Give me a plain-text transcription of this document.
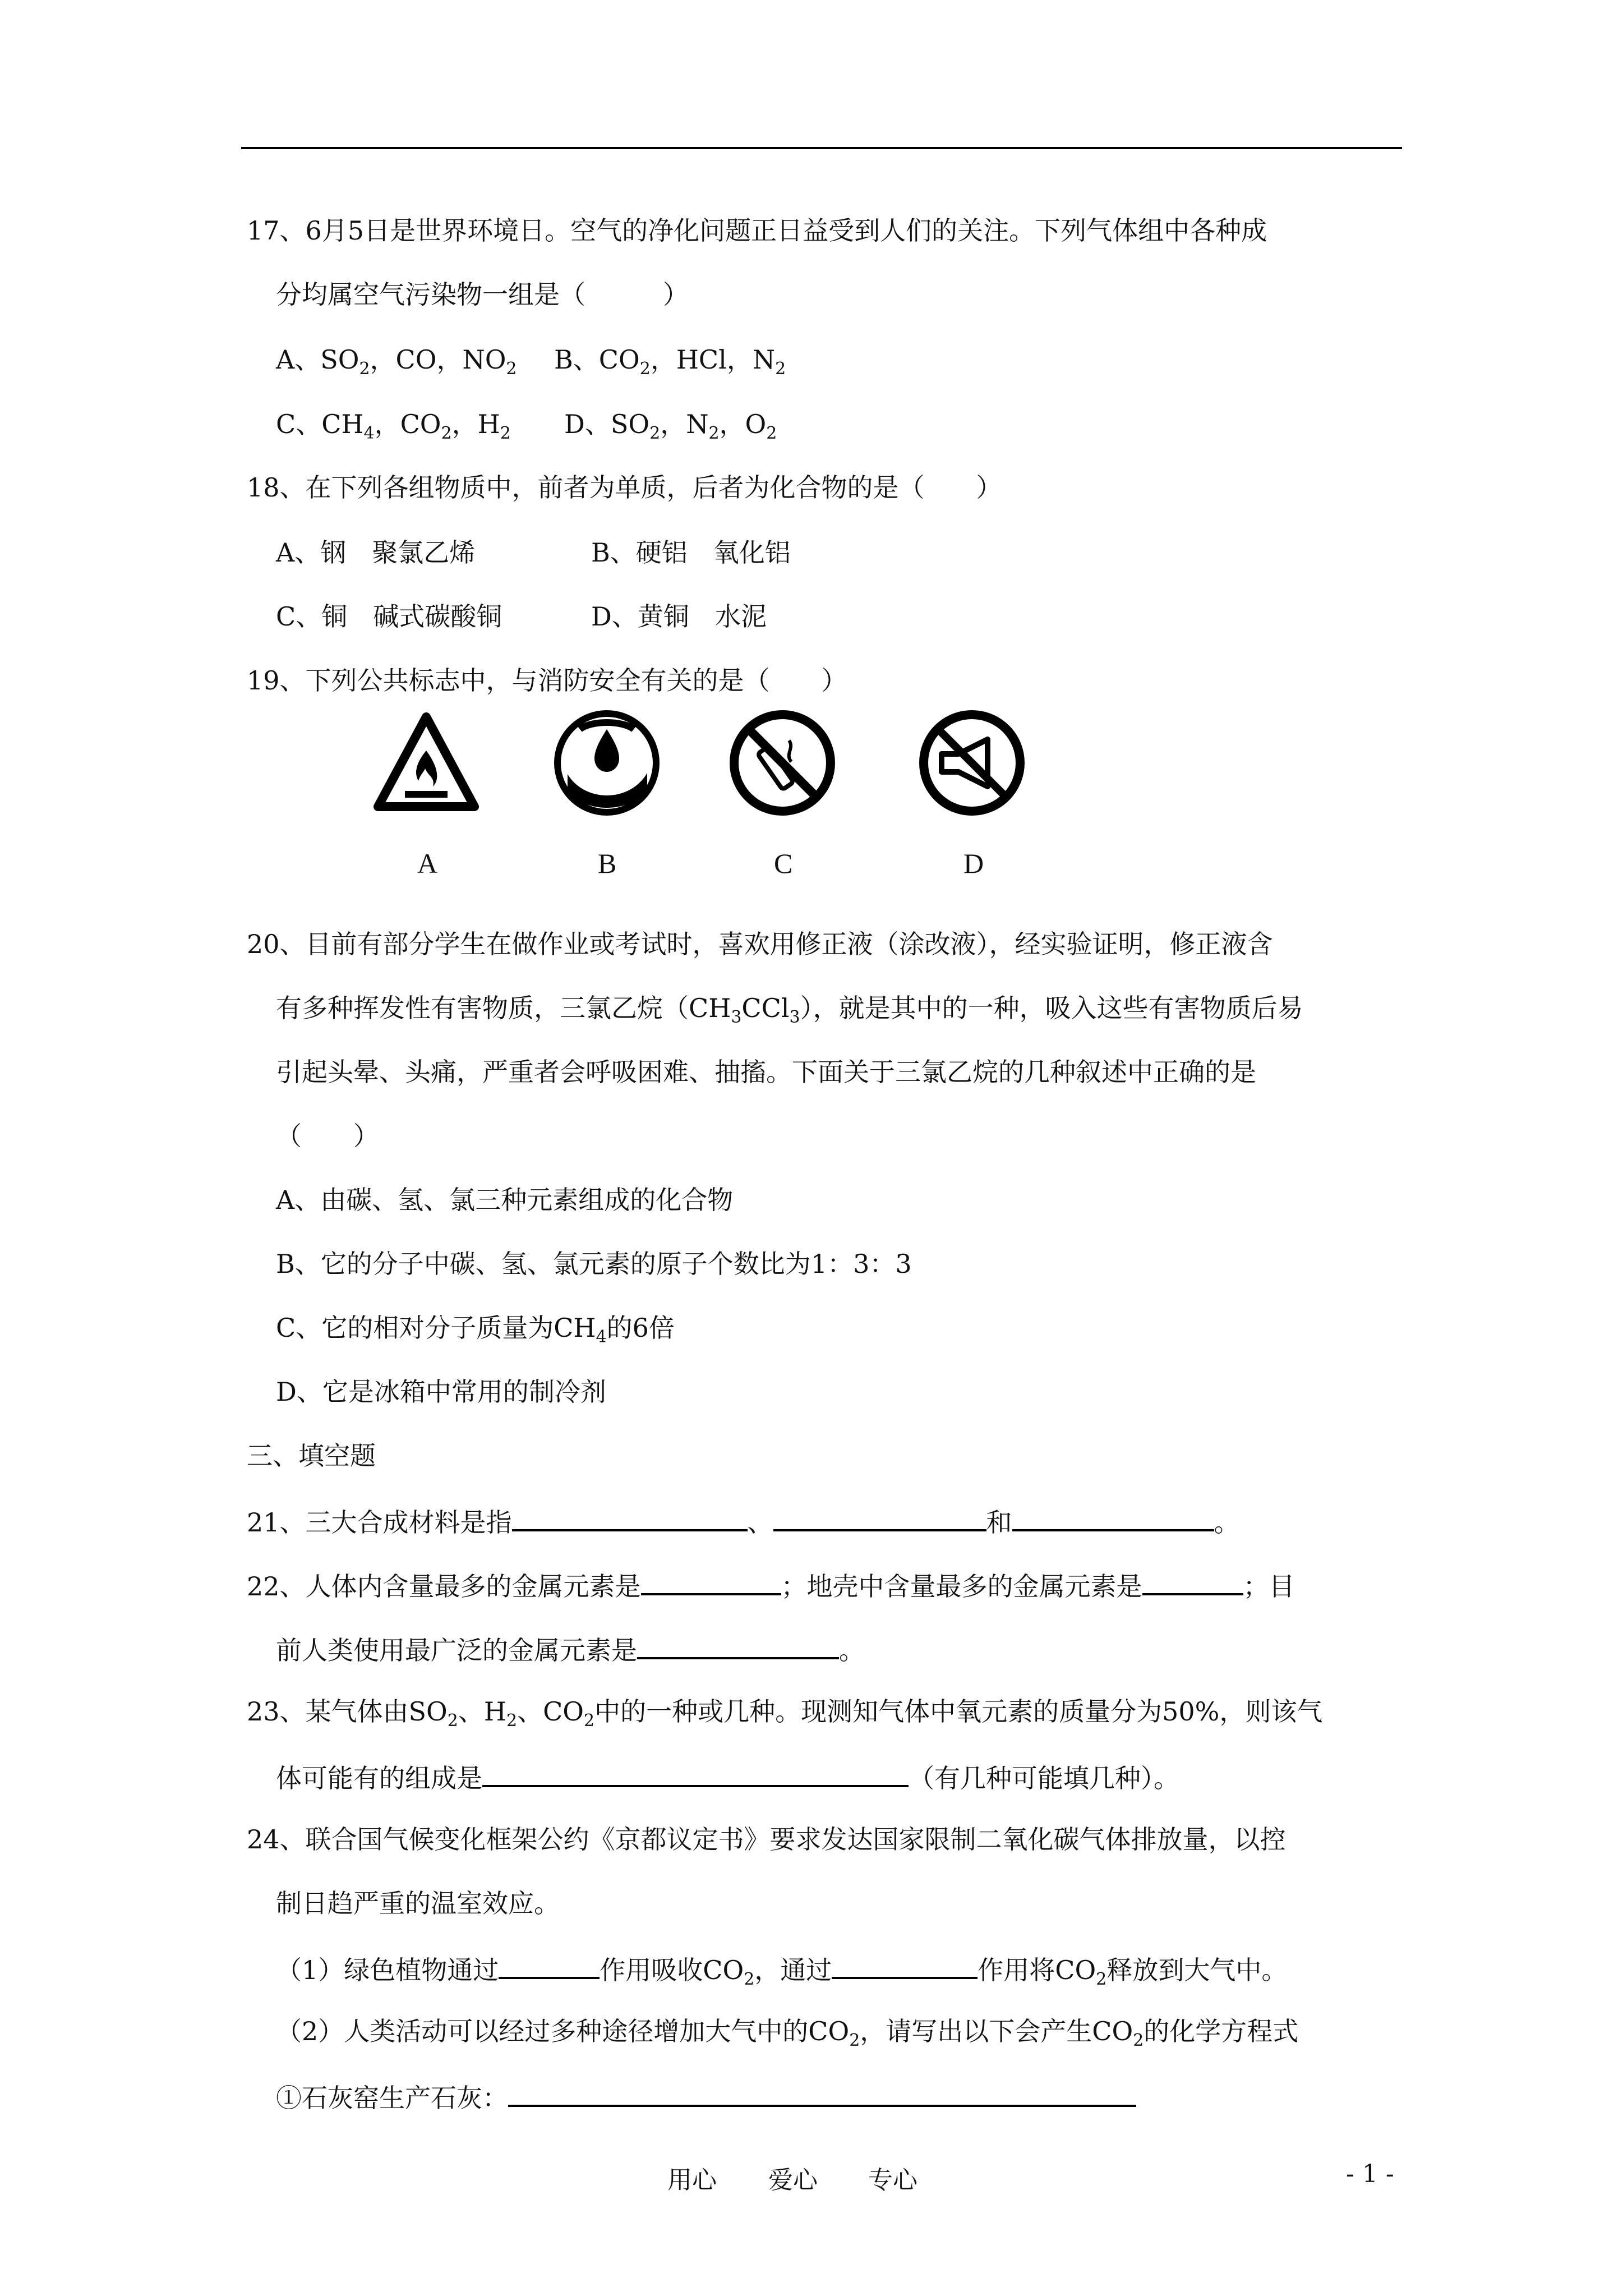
17、6月5日是世界环境日。空气的净化问题正日益受到人们的关注。下列气体组中各种成
分均属空气污染物一组是（　　　）
A、$SO_2$，CO，$NO_2$ B、$CO_2$，HCl，$N_2$
C、$CH_4$，$CO_2$，$H_2$ D、$SO_2$，$N_2$，$O_2$
18、在下列各组物质中，前者为单质，后者为化合物的是（　　）
A、钢　聚氯乙烯	B、硬铝　氧化铝
C、铜　碱式碳酸铜	D、黄铜　水泥
19、下列公共标志中，与消防安全有关的是（　　）
A	B	C	D
20、目前有部分学生在做作业或考试时，喜欢用修正液（涂改液），经实验证明，修正液含
有多种挥发性有害物质，三氯乙烷$(CH_3CCl_3)$，就是其中的一种，吸入这些有害物质后易
引起头晕、头痛，严重者会呼吸困难、抽搐。下面关于三氯乙烷的几种叙述中正确的是
（　　）
A、由碳、氢、氯三种元素组成的化合物
B、它的分子中碳、氢、氯元素的原子个数比为1：3：3
C、它的相对分子质量为$CH_4$的6倍
D、它是冰箱中常用的制冷剂
三、填空题
21、三大合成材料是指	、	和	。
22、人体内含量最多的金属元素是	；地壳中含量最多的金属元素是	；目
前人类使用最广泛的金属元素是	。
23、某气体由$SO_2$、$H_2$、$CO_2$中的一种或几种。现测知气体中氧元素的质量分为50%，则该气
体可能有的组成是	（有几种可能填几种）。
24、联合国气候变化框架公约《京都议定书》要求发达国家限制二氧化碳气体排放量，以控
制日趋严重的温室效应。
（1）绿色植物通过	作用吸收$CO_2$，通过	作用将$CO_2$释放到大气中。
（2）人类活动可以经过多种途径增加大气中的$CO_2$，请写出以下会产生$CO_2$的化学方程式
①石灰窑生产石灰：
用心 爱心 专心	- 1 -
